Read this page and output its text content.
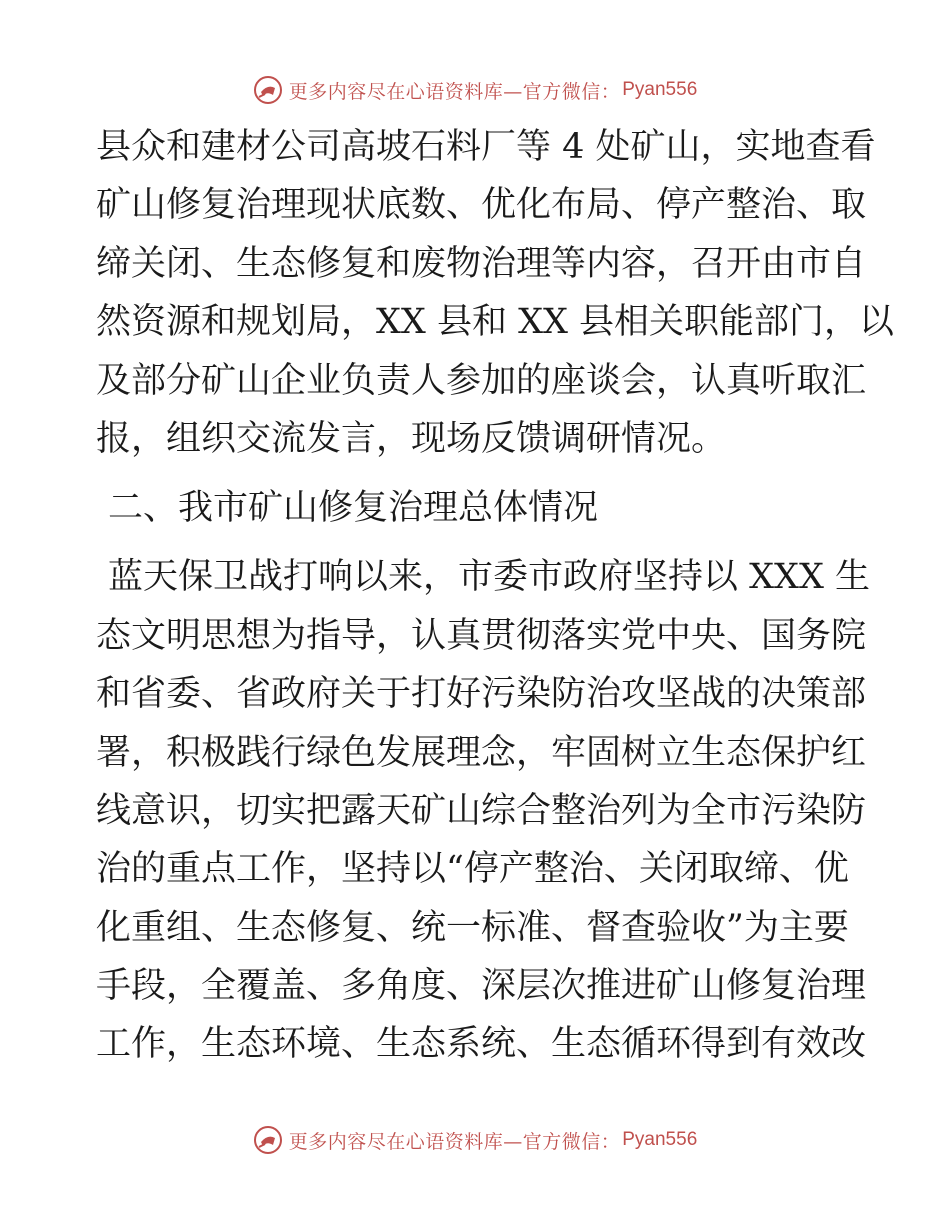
更多内容尽在心语资料库—官方微信： Pyan556
县众和建材公司高坡石料厂等 4 处矿山，实地查看
矿山修复治理现状底数、优化布局、停产整治、取
缔关闭、生态修复和废物治理等内容，召开由市自
然资源和规划局，XX 县和 XX 县相关职能部门，以
及部分矿山企业负责人参加的座谈会，认真听取汇
报，组织交流发言，现场反馈调研情况。
二、我市矿山修复治理总体情况
蓝天保卫战打响以来，市委市政府坚持以 XXX 生
态文明思想为指导，认真贯彻落实党中央、国务院
和省委、省政府关于打好污染防治攻坚战的决策部
署，积极践行绿色发展理念，牢固树立生态保护红
线意识，切实把露天矿山综合整治列为全市污染防
治的重点工作，坚持以“停产整治、关闭取缔、优
化重组、生态修复、统一标准、督查验收”为主要
手段，全覆盖、多角度、深层次推进矿山修复治理
工作，生态环境、生态系统、生态循环得到有效改
更多内容尽在心语资料库—官方微信： Pyan556
